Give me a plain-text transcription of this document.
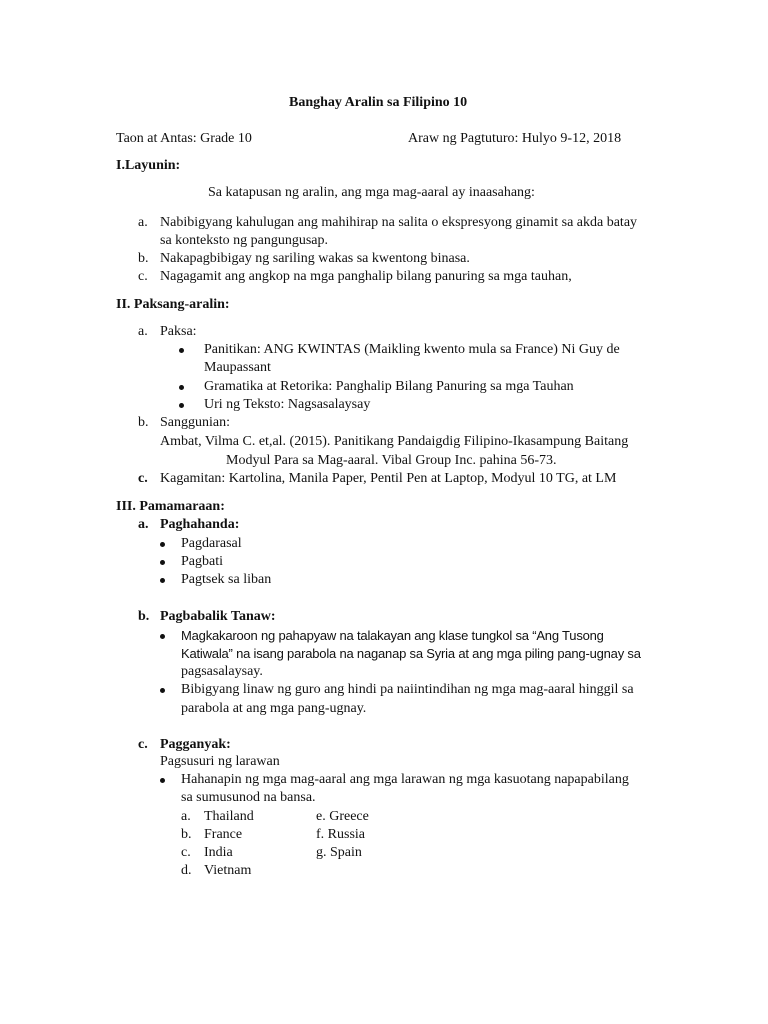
Banghay Aralin sa Filipino 10
Taon at Antas: Grade 10	Araw ng Pagtuturo: Hulyo 9-12, 2018
I.Layunin:
Sa katapusan ng aralin, ang mga mag-aaral ay inaasahang:
a. Nabibigyang kahulugan ang mahihirap na salita o ekspresyong ginamit sa akda batay
sa konteksto ng pangungusap.
b. Nakapagbibigay ng sariling wakas sa kwentong binasa.
c. Nagagamit ang angkop na mga panghalip bilang panuring sa mga tauhan,
II. Paksang-aralin:
a. Paksa:
Panitikan: ANG KWINTAS (Maikling kwento mula sa France) Ni Guy de
Maupassant
Gramatika at Retorika: Panghalip Bilang Panuring sa mga Tauhan
Uri ng Teksto: Nagsasalaysay
b. Sanggunian:
Ambat, Vilma C. et,al. (2015). Panitikang Pandaigdig Filipino-Ikasampung Baitang
Modyul Para sa Mag-aaral. Vibal Group Inc. pahina 56-73.
c. Kagamitan: Kartolina, Manila Paper, Pentil Pen at Laptop, Modyul 10 TG, at LM
III. Pamamaraan:
a. Paghahanda:
Pagdarasal
Pagbati
Pagtsek sa liban
b. Pagbabalik Tanaw:
Magkakaroon ng pahapyaw na talakayan ang klase tungkol sa “Ang Tusong
Katiwala” na isang parabola na naganap sa Syria at ang mga piling pang-ugnay sa
pagsasalaysay.
Bibigyang linaw ng guro ang hindi pa naiintindihan ng mga mag-aaral hinggil sa
parabola at ang mga pang-ugnay.
c. Pagganyak:
Pagsusuri ng larawan
Hahanapin ng mga mag-aaral ang mga larawan ng mga kasuotang napapabilang
sa sumusunod na bansa.
a. Thailand
b. France
c. India
d. Vietnam
e. Greece
f. Russia
g. Spain
